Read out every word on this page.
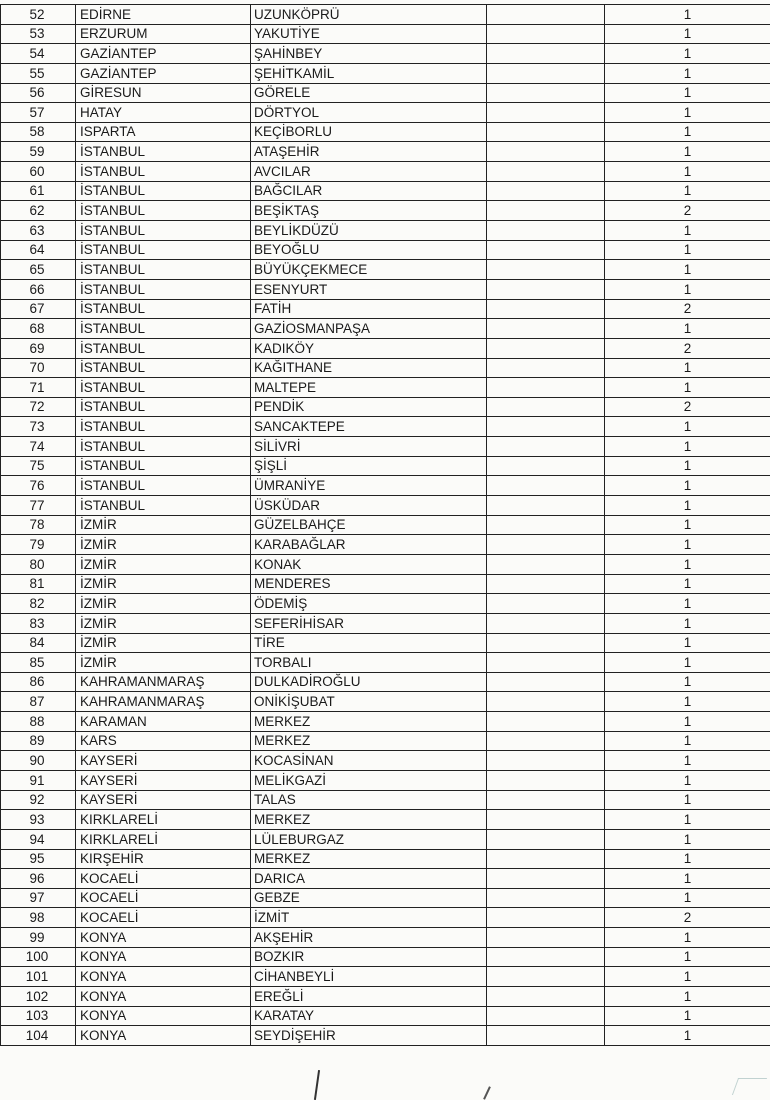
52	EDİRNE	UZUNKÖPRÜ		1
53	ERZURUM	YAKUTİYE		1
54	GAZİANTEP	ŞAHİNBEY		1
55	GAZİANTEP	ŞEHİTKAMİL		1
56	GİRESUN	GÖRELE		1
57	HATAY	DÖRTYOL		1
58	ISPARTA	KEÇİBORLU		1
59	İSTANBUL	ATAŞEHİR		1
60	İSTANBUL	AVCILAR		1
61	İSTANBUL	BAĞCILAR		1
62	İSTANBUL	BEŞİKTAŞ		2
63	İSTANBUL	BEYLİKDÜZÜ		1
64	İSTANBUL	BEYOĞLU		1
65	İSTANBUL	BÜYÜKÇEKMECE		1
66	İSTANBUL	ESENYURT		1
67	İSTANBUL	FATİH		2
68	İSTANBUL	GAZİOSMANPAŞA		1
69	İSTANBUL	KADIKÖY		2
70	İSTANBUL	KAĞITHANE		1
71	İSTANBUL	MALTEPE		1
72	İSTANBUL	PENDİK		2
73	İSTANBUL	SANCAKTEPE		1
74	İSTANBUL	SİLİVRİ		1
75	İSTANBUL	ŞİŞLİ		1
76	İSTANBUL	ÜMRANİYE		1
77	İSTANBUL	ÜSKÜDAR		1
78	İZMİR	GÜZELBAHÇE		1
79	İZMİR	KARABAĞLAR		1
80	İZMİR	KONAK		1
81	İZMİR	MENDERES		1
82	İZMİR	ÖDEMİŞ		1
83	İZMİR	SEFERİHİSAR		1
84	İZMİR	TİRE		1
85	İZMİR	TORBALI		1
86	KAHRAMANMARAŞ	DULKADİROĞLU		1
87	KAHRAMANMARAŞ	ONİKİŞUBAT		1
88	KARAMAN	MERKEZ		1
89	KARS	MERKEZ		1
90	KAYSERİ	KOCASİNAN		1
91	KAYSERİ	MELİKGAZİ		1
92	KAYSERİ	TALAS		1
93	KIRKLARELİ	MERKEZ		1
94	KIRKLARELİ	LÜLEBURGAZ		1
95	KIRŞEHİR	MERKEZ		1
96	KOCAELİ	DARICA		1
97	KOCAELİ	GEBZE		1
98	KOCAELİ	İZMİT		2
99	KONYA	AKŞEHİR		1
100	KONYA	BOZKIR		1
101	KONYA	CİHANBEYLİ		1
102	KONYA	EREĞLİ		1
103	KONYA	KARATAY		1
104	KONYA	SEYDİŞEHİR		1
